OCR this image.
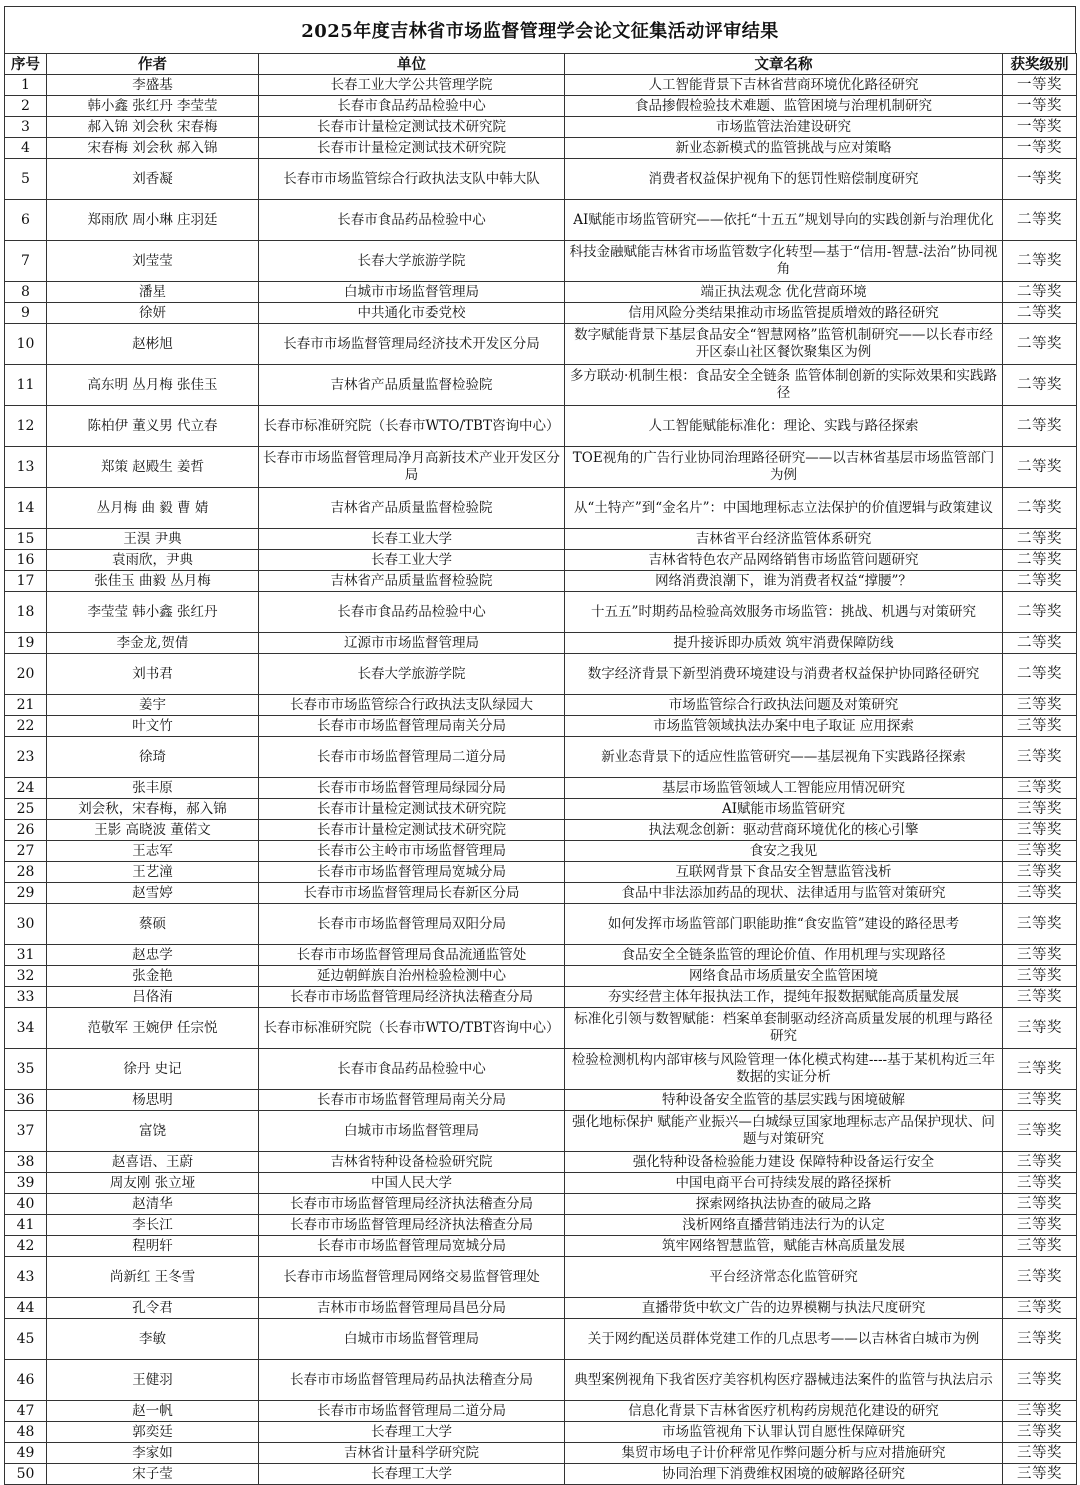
2025年度吉林省市场监督管理学会论文征集活动评审结果
序号	作者	单位	文章名称	获奖级别
1	李盛基	长春工业大学公共管理学院	人工智能背景下吉林省营商环境优化路径研究	一等奖
2	韩小鑫 张红丹 李莹莹	长春市食品药品检验中心	食品掺假检验技术难题、监管困境与治理机制研究	一等奖
3	郝入锦 刘会秋 宋春梅	长春市计量检定测试技术研究院	市场监管法治建设研究	一等奖
4	宋春梅 刘会秋 郝入锦	长春市计量检定测试技术研究院	新业态新模式的监管挑战与应对策略	一等奖
5	刘香凝	长春市市场监管综合行政执法支队中韩大队	消费者权益保护视角下的惩罚性赔偿制度研究	一等奖
6	郑雨欣 周小琳 庄羽廷	长春市食品药品检验中心	AI赋能市场监管研究——依托“十五五”规划导向的实践创新与治理优化	二等奖
7	刘莹莹	长春大学旅游学院	科技金融赋能吉林省市场监管数字化转型—基于“信用-智慧-法治”协同视角	二等奖
8	潘星	白城市市场监督管理局	端正执法观念 优化营商环境	二等奖
9	徐妍	中共通化市委党校	信用风险分类结果推动市场监管提质增效的路径研究	二等奖
10	赵彬旭	长春市市场监督管理局经济技术开发区分局	数字赋能背景下基层食品安全“智慧网格”监管机制研究——以长春市经开区泰山社区餐饮聚集区为例	二等奖
11	高东明 丛月梅 张佳玉	吉林省产品质量监督检验院	多方联动·机制生根：食品安全全链条 监管体制创新的实际效果和实践路径	二等奖
12	陈柏伊 董义男 代立春	长春市标准研究院（长春市WTO/TBT咨询中心）	人工智能赋能标准化：理论、实践与路径探索	二等奖
13	郑策 赵殿生 姜哲	长春市市场监督管理局净月高新技术产业开发区分局	TOE视角的广告行业协同治理路径研究——以吉林省基层市场监管部门为例	二等奖
14	丛月梅 曲 毅 曹 婧	吉林省产品质量监督检验院	从“土特产”到“金名片”：中国地理标志立法保护的价值逻辑与政策建议	二等奖
15	王淏 尹典	长春工业大学	吉林省平台经济监管体系研究	二等奖
16	袁雨欣，尹典	长春工业大学	吉林省特色农产品网络销售市场监管问题研究	二等奖
17	张佳玉 曲毅 丛月梅	吉林省产品质量监督检验院	网络消费浪潮下，谁为消费者权益“撑腰”？	二等奖
18	李莹莹 韩小鑫 张红丹	长春市食品药品检验中心	十五五”时期药品检验高效服务市场监管：挑战、机遇与对策研究	二等奖
19	李金龙,贺倩	辽源市市场监督管理局	提升接诉即办质效 筑牢消费保障防线	二等奖
20	刘书君	长春大学旅游学院	数字经济背景下新型消费环境建设与消费者权益保护协同路径研究	二等奖
21	姜宇	长春市市场监管综合行政执法支队绿园大	市场监管综合行政执法问题及对策研究	三等奖
22	叶文竹	长春市市场监督管理局南关分局	市场监管领域执法办案中电子取证 应用探索	三等奖
23	徐琦	长春市市场监督管理局二道分局	新业态背景下的适应性监管研究——基层视角下实践路径探索	三等奖
24	张丰原	长春市市场监督管理局绿园分局	基层市场监管领域人工智能应用情况研究	三等奖
25	刘会秋，宋春梅，郝入锦	长春市计量检定测试技术研究院	AI赋能市场监管研究	三等奖
26	王影 高晓波 董偌文	长春市计量检定测试技术研究院	执法观念创新：驱动营商环境优化的核心引擎	三等奖
27	王志军	长春市公主岭市市场监督管理局	食安之我见	三等奖
28	王艺潼	长春市市场监督管理局宽城分局	互联网背景下食品安全智慧监管浅析	三等奖
29	赵雪婷	长春市市场监督管理局长春新区分局	食品中非法添加药品的现状、法律适用与监管对策研究	三等奖
30	蔡硕	长春市市场监督管理局双阳分局	如何发挥市场监管部门职能助推“食安监管”建设的路径思考	三等奖
31	赵忠学	长春市市场监督管理局食品流通监管处	食品安全全链条监管的理论价值、作用机理与实现路径	三等奖
32	张金艳	延边朝鲜族自治州检验检测中心	网络食品市场质量安全监管困境	三等奖
33	吕佫洧	长春市市场监督管理局经济执法稽查分局	夯实经营主体年报执法工作，提纯年报数据赋能高质量发展	三等奖
34	范敬军 王婉伊 任宗悦	长春市标准研究院（长春市WTO/TBT咨询中心）	标准化引领与数智赋能：档案单套制驱动经济高质量发展的机理与路径研究	三等奖
35	徐丹 史记	长春市食品药品检验中心	检验检测机构内部审核与风险管理一体化模式构建----基于某机构近三年数据的实证分析	三等奖
36	杨思明	长春市市场监督管理局南关分局	特种设备安全监管的基层实践与困境破解	三等奖
37	富饶	白城市市场监督管理局	强化地标保护 赋能产业振兴—白城绿豆国家地理标志产品保护现状、问题与对策研究	三等奖
38	赵喜语、王蔚	吉林省特种设备检验研究院	强化特种设备检验能力建设 保障特种设备运行安全	三等奖
39	周友刚 张立垭	中国人民大学	中国电商平台可持续发展的路径探析	三等奖
40	赵清华	长春市市场监督管理局经济执法稽查分局	探索网络执法协查的破局之路	三等奖
41	李长江	长春市市场监督管理局经济执法稽查分局	浅析网络直播营销违法行为的认定	三等奖
42	程明轩	长春市市场监督管理局宽城分局	筑牢网络智慧监管，赋能吉林高质量发展	三等奖
43	尚新红 王冬雪	长春市市场监督管理局网络交易监督管理处	平台经济常态化监管研究	三等奖
44	孔令君	吉林市市场监督管理局昌邑分局	直播带货中软文广告的边界模糊与执法尺度研究	三等奖
45	李敏	白城市市场监督管理局	关于网约配送员群体党建工作的几点思考——以吉林省白城市为例	三等奖
46	王健羽	长春市市场监督管理局药品执法稽查分局	典型案例视角下我省医疗美容机构医疗器械违法案件的监管与执法启示	三等奖
47	赵一帆	长春市市场监督管理局二道分局	信息化背景下吉林省医疗机构药房规范化建设的研究	三等奖
48	郭奕廷	长春理工大学	市场监管视角下认罪认罚自愿性保障研究	三等奖
49	李家如	吉林省计量科学研究院	集贸市场电子计价秤常见作弊问题分析与应对措施研究	三等奖
50	宋子莹	长春理工大学	协同治理下消费维权困境的破解路径研究	三等奖
